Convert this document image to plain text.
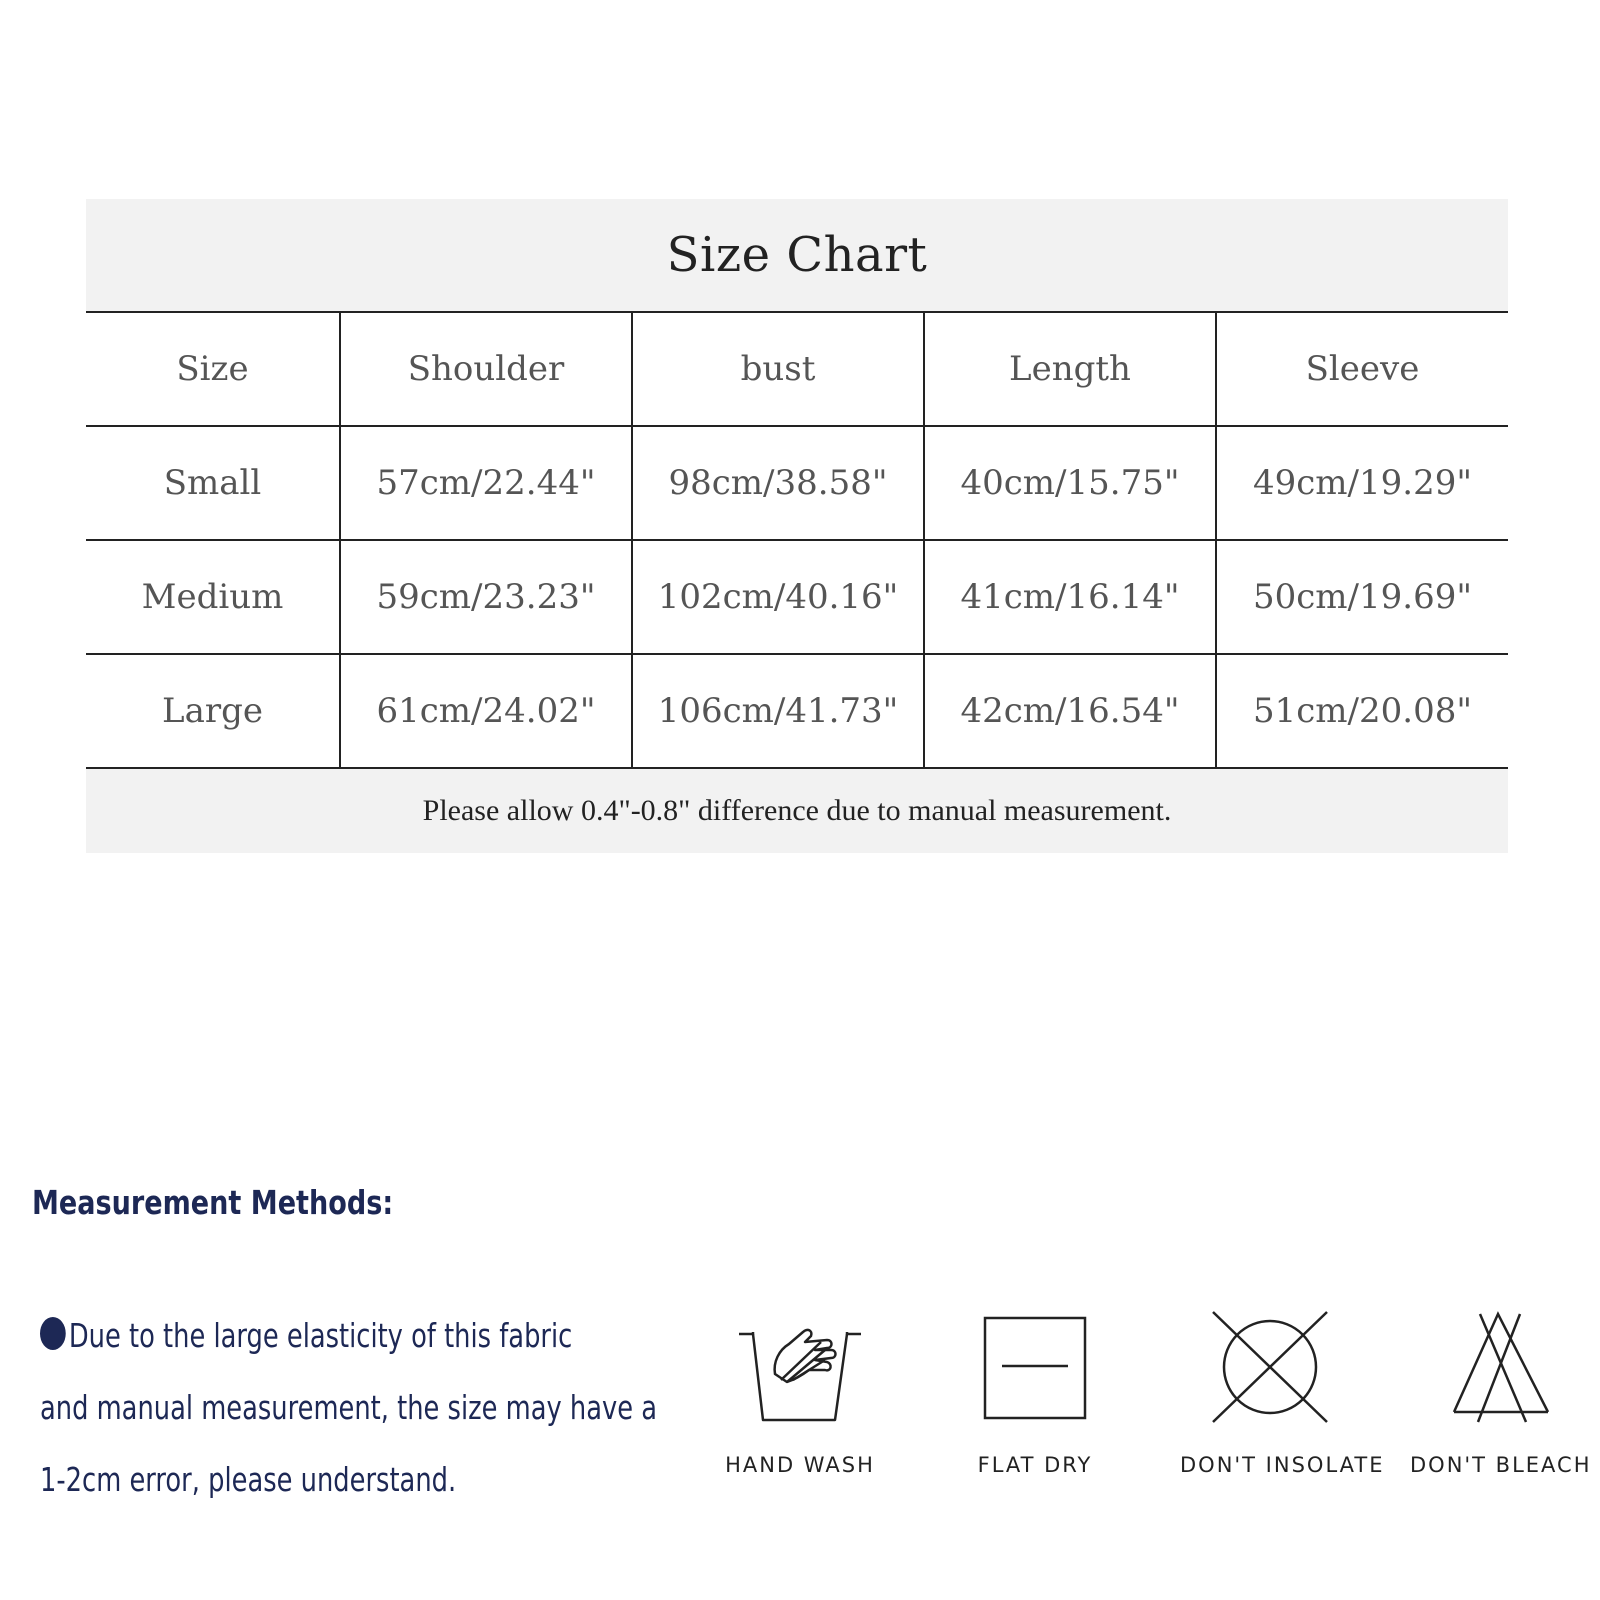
Size Chart
Size	Shoulder	bust	Length	Sleeve
Small	57cm/22.44"	98cm/38.58"	40cm/15.75"	49cm/19.29"
Medium	59cm/23.23"	102cm/40.16"	41cm/16.14"	50cm/19.69"
Large	61cm/24.02"	106cm/41.73"	42cm/16.54"	51cm/20.08"
Please allow 0.4"-0.8" difference due to manual measurement.
Measurement Methods:
Due to the large elasticity of this fabric
and manual measurement, the size may have a
1-2cm error, please understand.	HAND WASH	FLAT DRY	DON'T INSOLATE DON'T BLEACH
